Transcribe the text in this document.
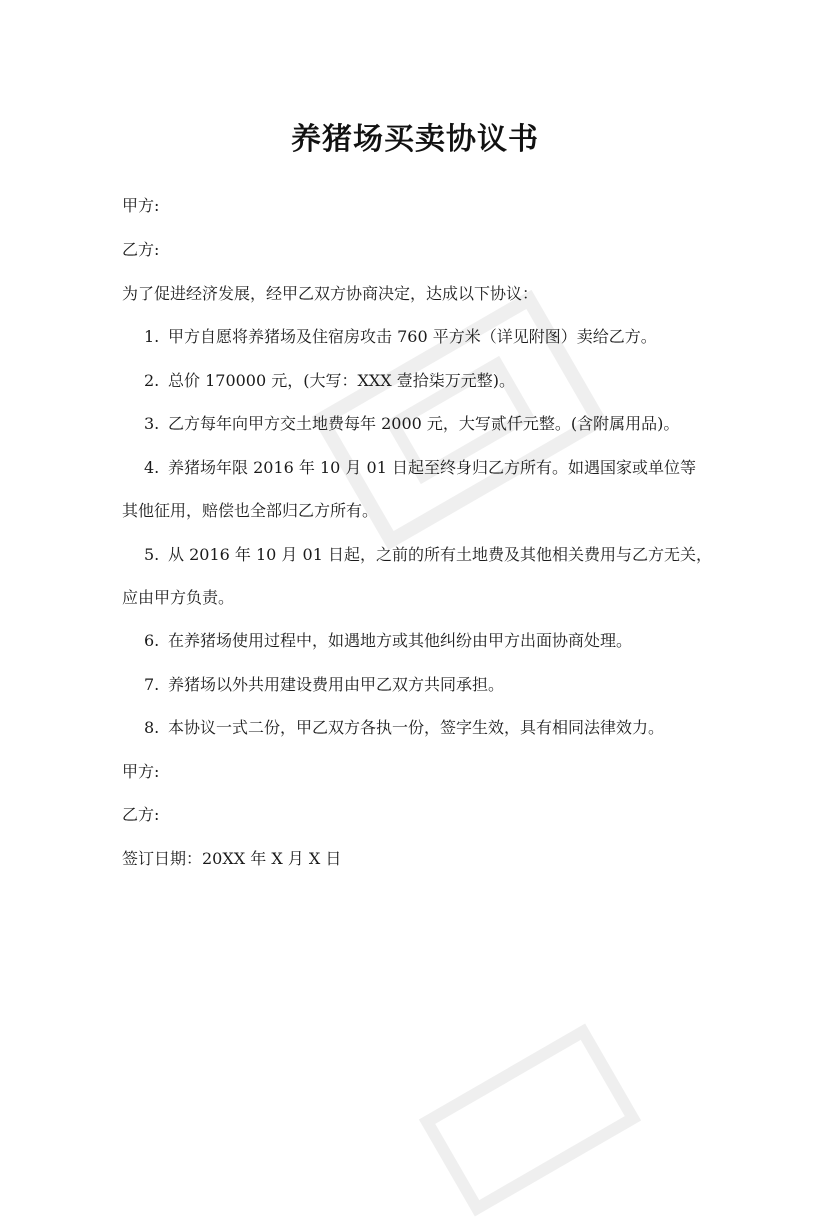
养猪场买卖协议书
甲方:
乙方:
为了促进经济发展，经甲乙双方协商决定，达成以下协议：
1. 甲方自愿将养猪场及住宿房攻击 760 平方米（详见附图）卖给乙方。
2. 总价 170000 元，(大写：XXX 壹拾柒万元整)。
3. 乙方每年向甲方交土地费每年 2000 元，大写贰仟元整。(含附属用品)。
4. 养猪场年限 2016 年 10 月 01 日起至终身归乙方所有。如遇国家或单位等
其他征用，赔偿也全部归乙方所有。
5. 从 2016 年 10 月 01 日起，之前的所有土地费及其他相关费用与乙方无关，
应由甲方负责。
6. 在养猪场使用过程中，如遇地方或其他纠纷由甲方出面协商处理。
7. 养猪场以外共用建设费用由甲乙双方共同承担。
8. 本协议一式二份，甲乙双方各执一份，签字生效，具有相同法律效力。
甲方:
乙方:
签订日期：20XX 年 X 月 X 日
